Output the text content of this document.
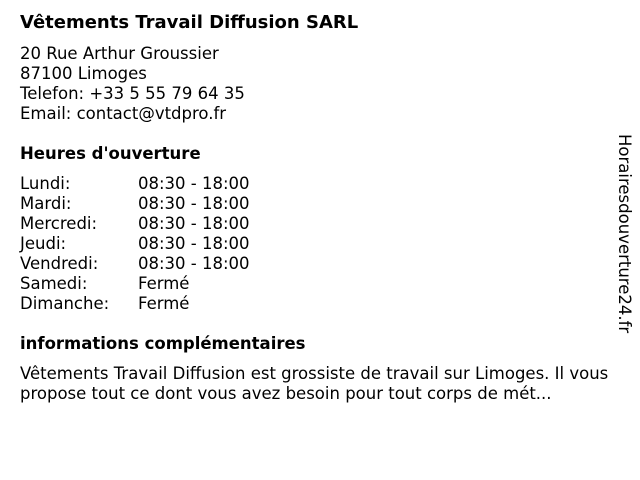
Vêtements Travail Diffusion SARL
20 Rue Arthur Groussier
87100 Limoges
Telefon: +33 5 55 79 64 35
Email: contact@vtdpro.fr
Heures d'ouverture
Lundi:	08:30 - 18:00
Mardi:	08:30 - 18:00
Mercredi:	08:30 - 18:00
Jeudi:	08:30 - 18:00
Vendredi:	08:30 - 18:00
Samedi:	Fermé
Dimanche:	Fermé
informations complémentaires
Vêtements Travail Diffusion est grossiste de travail sur Limoges. Il vous propose tout ce dont vous avez besoin pour tout corps de mét...
Horairesdouverture24.fr
